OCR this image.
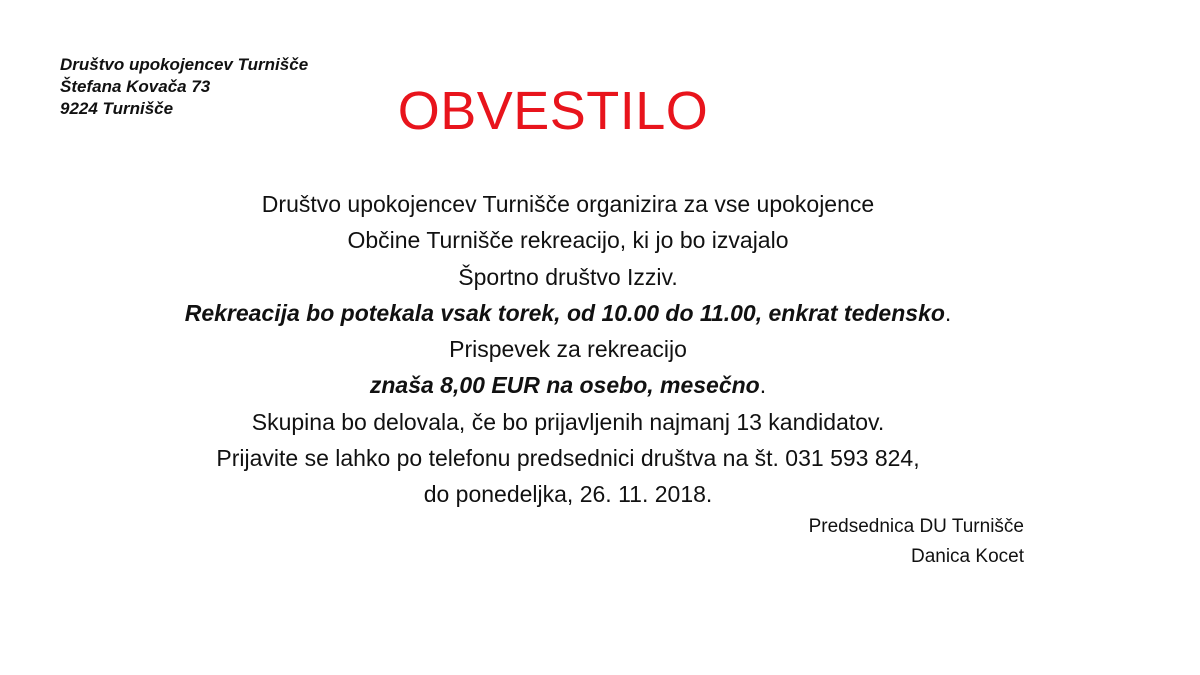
Društvo upokojencev Turnišče
Štefana Kovača 73
9224 Turnišče	OBVESTILO
Društvo upokojencev Turnišče organizira za vse upokojence
Občine Turnišče rekreacijo, ki jo bo izvajalo
Športno društvo Izziv.
Rekreacija bo potekala vsak torek, od 10.00 do 11.00, enkrat tedensko.
Prispevek za rekreacijo
znaša 8,00 EUR na osebo, mesečno.
Skupina bo delovala, če bo prijavljenih najmanj 13 kandidatov.
Prijavite se lahko po telefonu predsednici društva na št. 031 593 824,
do ponedeljka, 26. 11. 2018.
Predsednica DU Turnišče
Danica Kocet
